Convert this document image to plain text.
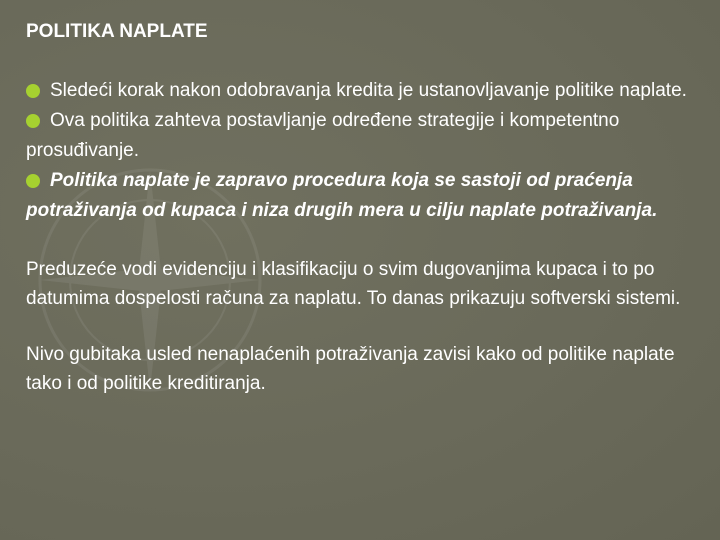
POLITIKA NAPLATE

Sledeći korak nakon odobravanja kredita je ustanovljavanje politike naplate.

Ova politika zahteva postavljanje određene strategije i kompetentno prosuđivanje.

Politika naplate je zapravo procedura koja se sastoji od praćenja potraživanja od kupaca i niza drugih mera u cilju naplate potraživanja.

Preduzeće vodi evidenciju i klasifikaciju o svim dugovanjima kupaca i to po datumima dospelosti računa za naplatu. To danas prikazuju softverski sistemi.

Nivo gubitaka usled nenaplaćenih potraživanja zavisi kako od politike naplate tako i od politike kreditiranja.
